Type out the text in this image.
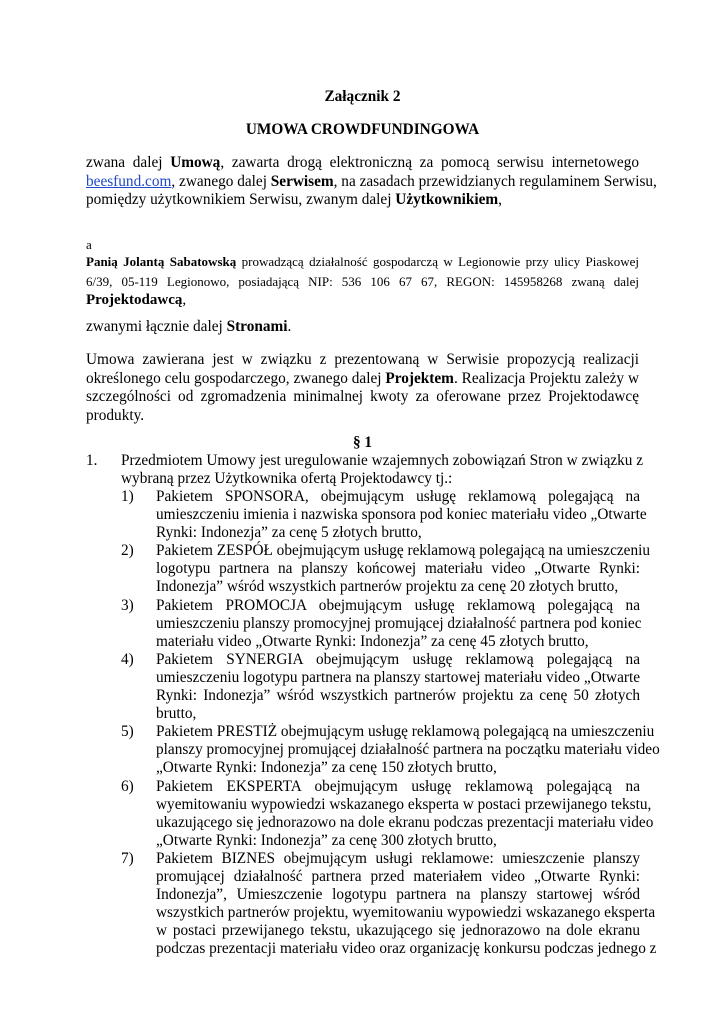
Załącznik 2
UMOWA CROWDFUNDINGOWA
zwana dalej Umową, zawarta drogą elektroniczną za pomocą serwisu internetowego
beesfund.com, zwanego dalej Serwisem, na zasadach przewidzianych regulaminem Serwisu,
pomiędzy użytkownikiem Serwisu, zwanym dalej Użytkownikiem,
a
Panią Jolantą Sabatowską prowadzącą działalność gospodarczą w Legionowie przy ulicy Piaskowej
6/39, 05-119 Legionowo, posiadającą NIP: 536 106 67 67, REGON: 145958268 zwaną dalej
Projektodawcą,
zwanymi łącznie dalej Stronami.
Umowa zawierana jest w związku z prezentowaną w Serwisie propozycją realizacji
określonego celu gospodarczego, zwanego dalej Projektem. Realizacja Projektu zależy w
szczególności od zgromadzenia minimalnej kwoty za oferowane przez Projektodawcę
produkty.
§ 1
1. Przedmiotem Umowy jest uregulowanie wzajemnych zobowiązań Stron w związku z
wybraną przez Użytkownika ofertą Projektodawcy tj.:
1) Pakietem SPONSORA, obejmującym usługę reklamową polegającą na
umieszczeniu imienia i nazwiska sponsora pod koniec materiału video „Otwarte
Rynki: Indonezja” za cenę 5 złotych brutto,
2) Pakietem ZESPÓŁ obejmującym usługę reklamową polegającą na umieszczeniu
logotypu partnera na planszy końcowej materiału video „Otwarte Rynki:
Indonezja” wśród wszystkich partnerów projektu za cenę 20 złotych brutto,
3) Pakietem PROMOCJA obejmującym usługę reklamową polegającą na
umieszczeniu planszy promocyjnej promującej działalność partnera pod koniec
materiału video „Otwarte Rynki: Indonezja” za cenę 45 złotych brutto,
4) Pakietem SYNERGIA obejmującym usługę reklamową polegającą na
umieszczeniu logotypu partnera na planszy startowej materiału video „Otwarte
Rynki: Indonezja” wśród wszystkich partnerów projektu za cenę 50 złotych
brutto,
5) Pakietem PRESTIŻ obejmującym usługę reklamową polegającą na umieszczeniu
planszy promocyjnej promującej działalność partnera na początku materiału video
„Otwarte Rynki: Indonezja” za cenę 150 złotych brutto,
6) Pakietem EKSPERTA obejmującym usługę reklamową polegającą na
wyemitowaniu wypowiedzi wskazanego eksperta w postaci przewijanego tekstu,
ukazującego się jednorazowo na dole ekranu podczas prezentacji materiału video
„Otwarte Rynki: Indonezja” za cenę 300 złotych brutto,
7) Pakietem BIZNES obejmującym usługi reklamowe: umieszczenie planszy
promującej działalność partnera przed materiałem video „Otwarte Rynki:
Indonezja”, Umieszczenie logotypu partnera na planszy startowej wśród
wszystkich partnerów projektu, wyemitowaniu wypowiedzi wskazanego eksperta
w postaci przewijanego tekstu, ukazującego się jednorazowo na dole ekranu
podczas prezentacji materiału video oraz organizację konkursu podczas jednego z
